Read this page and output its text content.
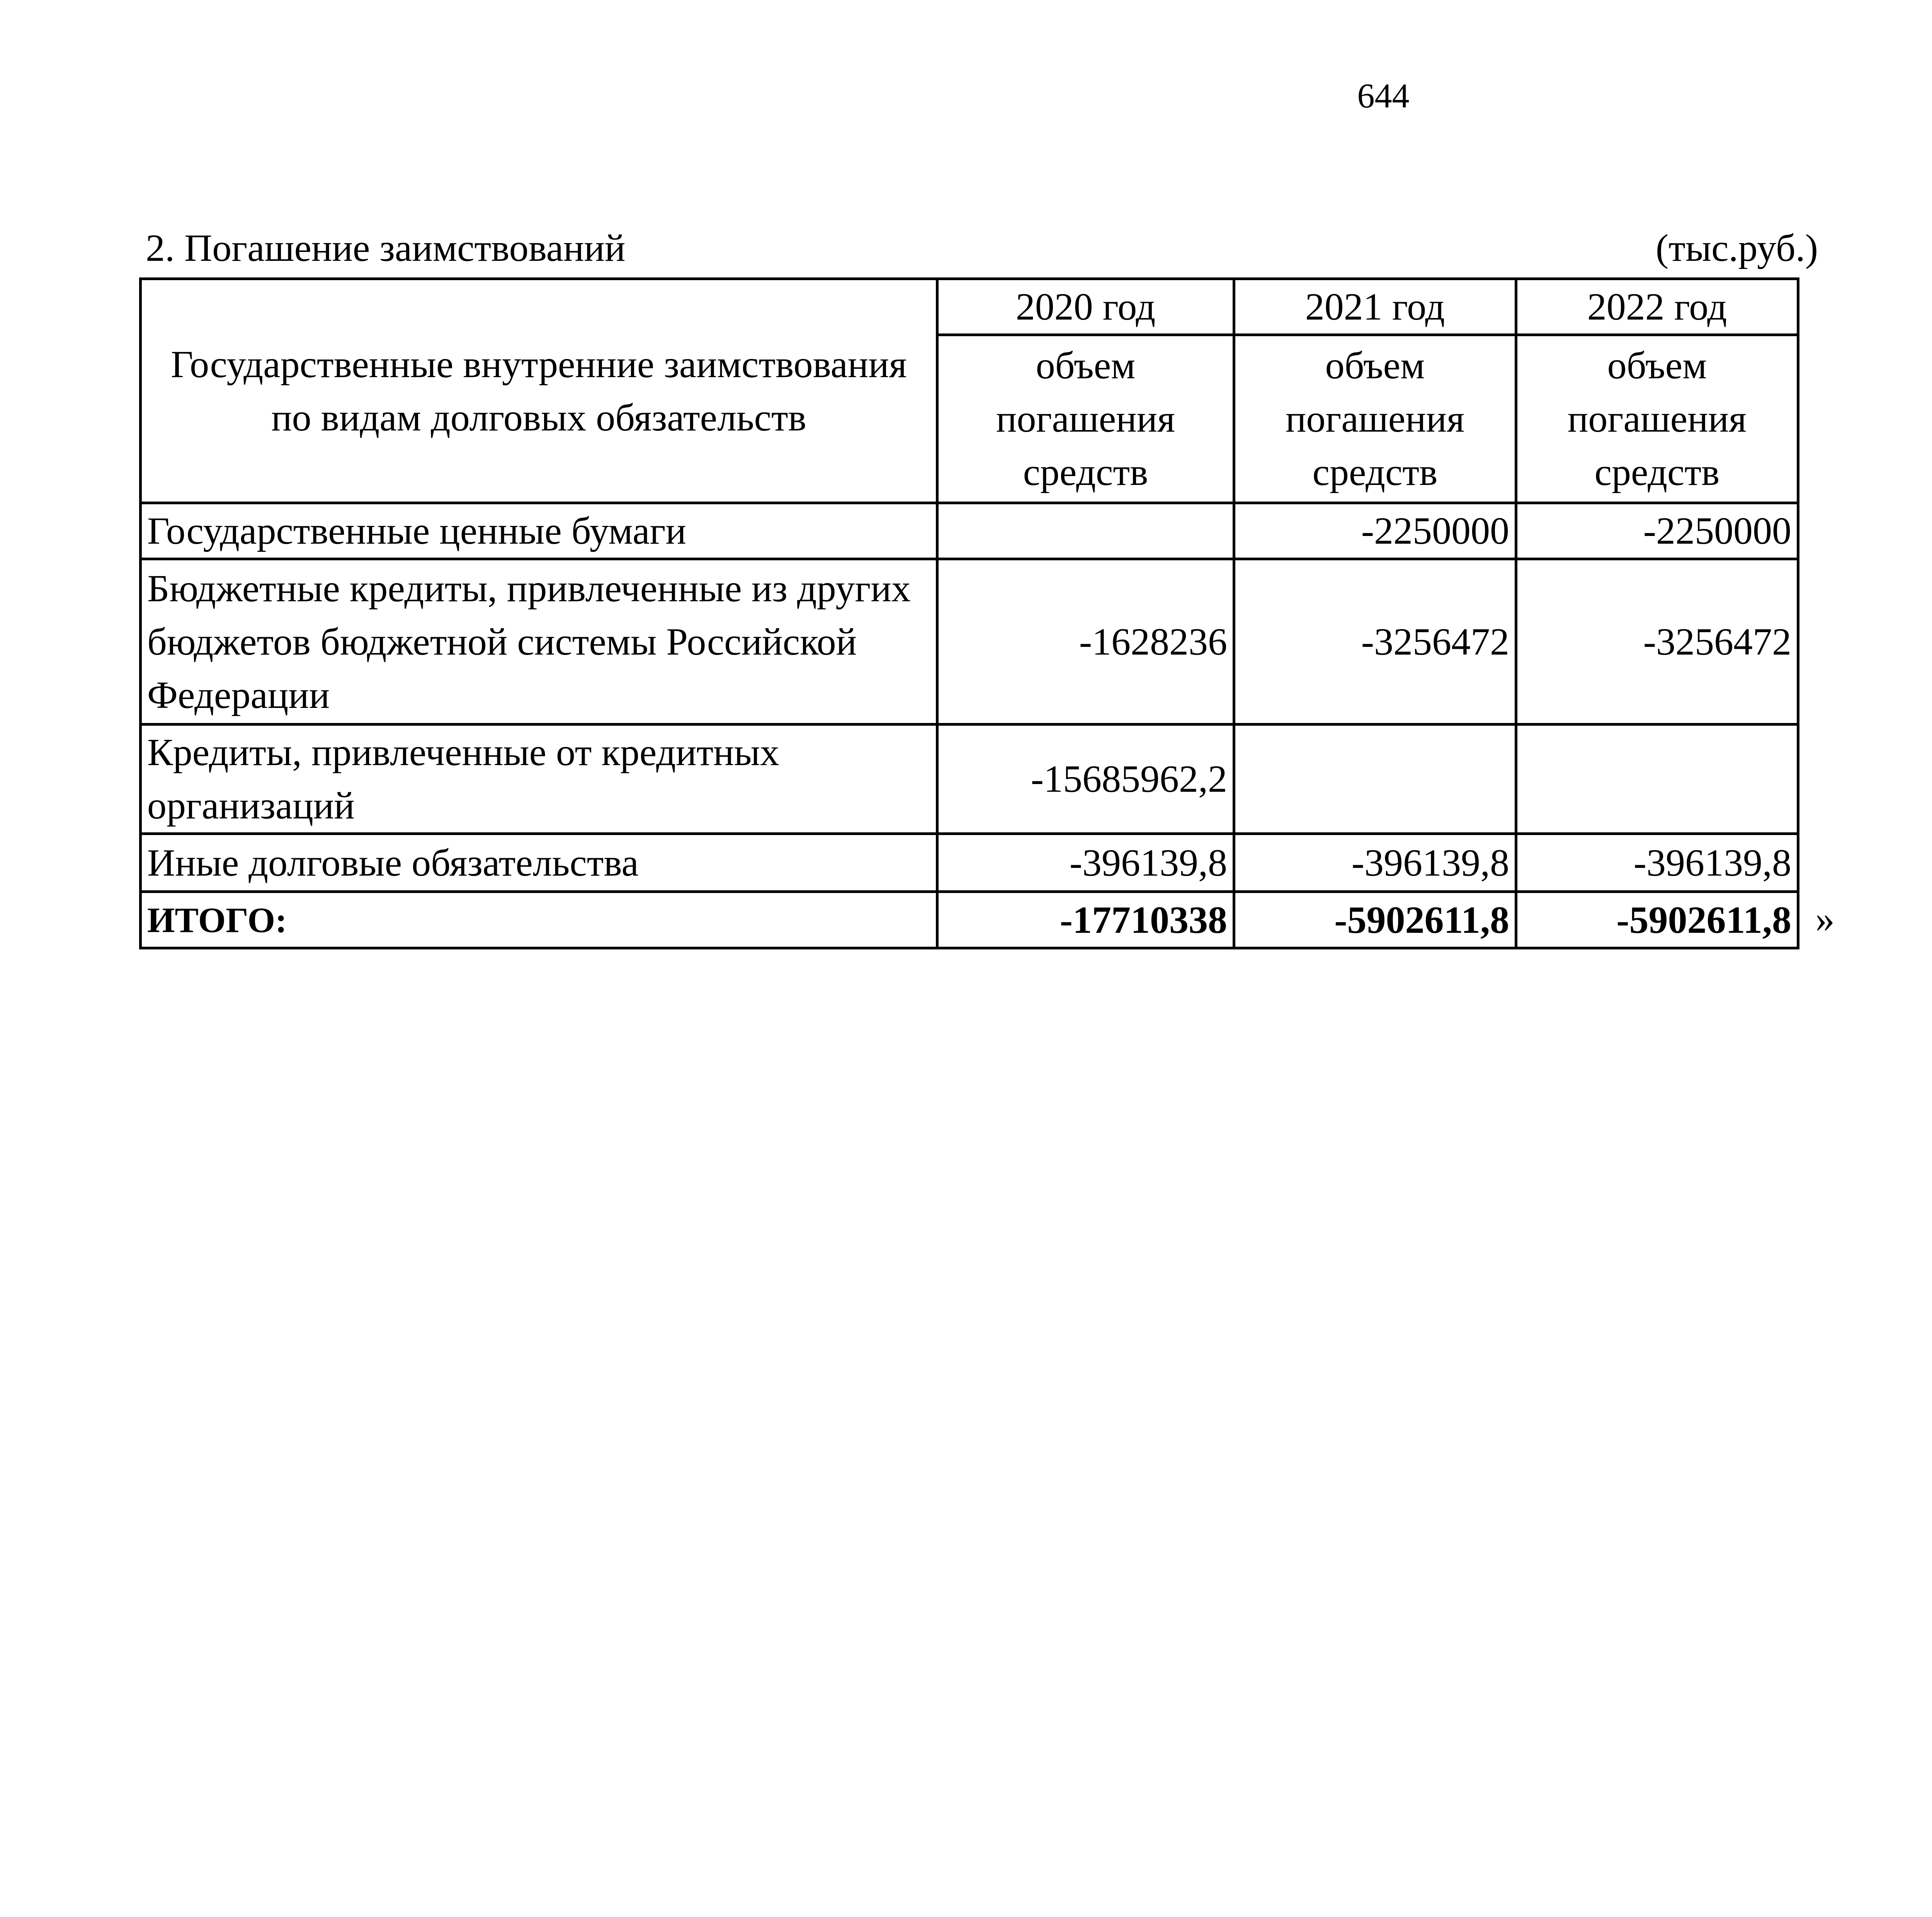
644
2. Погашение заимствований	(тыс.руб.)
Государственные внутренние заимствования по видам долговых обязательств	2020 год	2021 год	2022 год
	объем погашения средств	объем погашения средств	объем погашения средств
Государственные ценные бумаги		-2250000	-2250000
Бюджетные кредиты, привлеченные из других бюджетов бюджетной системы Российской Федерации	-1628236	-3256472	-3256472
Кредиты, привлеченные от кредитных организаций	-15685962,2		
Иные долговые обязательства	-396139,8	-396139,8	-396139,8
ИТОГО:	-17710338	-5902611,8	-5902611,8 »
